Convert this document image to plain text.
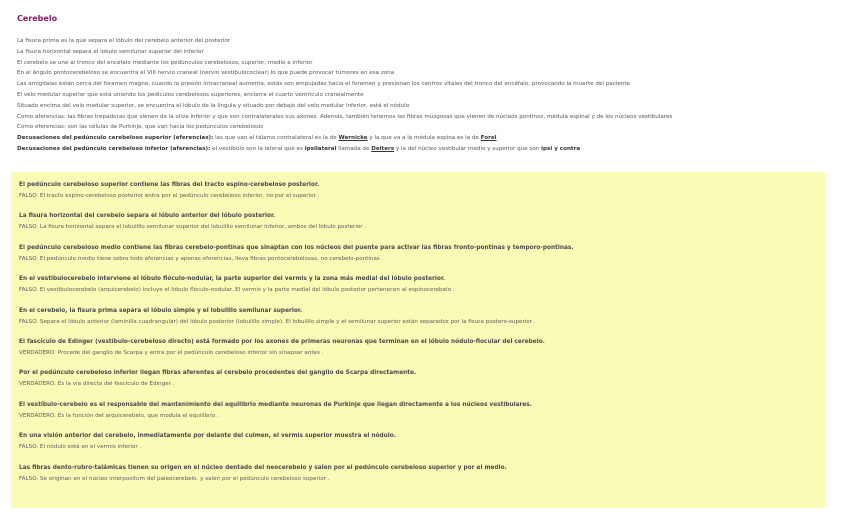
Cerebelo
La fisura prima es la que separa el lóbulo del cerebelo anterior del posterior
La fisura horizontal separa el lobulo semilunar superior del inferior
El cerebelo se une al tronco del encéfalo mediante los pedúnculos cerebelosos, superior, medio e inferior
En el ángulo pontocerebeloso se encuentra el VIII nervio craneal (nervio vestibulococlear) lo que puede provocar tumores en esa zona
Las amígdalas están cerca del foramen magno, cuando la presión intracraneal aumenta, estás son empujadas hacia el foramen y presionan los centros vitales del tronco del encéfalo, provocando la muerte del paciente
El velo medular superior que está uniendo los pedículos cerebelosos superiores, encierra el cuarto ventrículo cranealmente
Situado encima del velo medular superior, se encuentra el lóbulo de la língula y situado por debajo del velo medular inferior, está el nódulo
Como aferencias: las fibras trepadoras que vienen de la oliva inferior y que son contralaterales sus axones. Además, también tenemos las fibras musgosas que vienen de núcleos pontinos, médula espinal y de los núcleos vestibulares
Como eferencias: son las células de Purkinje, que van hacia los pedúnculos cerebelosos
Decusaciones del pedúnculo cerebeloso superior (eferencias): las que van al tálamo contralateral es la de Wernicke y la que va a la médula espina es la de Forel
Decusaciones del pedúnculo cerebeloso inferior (aferencias): el vestíbulo son la lateral que es ipsilateral llamada de Deiters y la del núcleo vestibular medio y superior que son ipsi y contra
El pedúnculo cerebeloso superior contiene las fibras del tracto espino-cerebeloso posterior.
FALSO. El tracto espino-cerebeloso posterior entra por el pedúnculo cerebeloso inferior, no por el superior .
La fisura horizontal del cerebelo separa el lóbulo anterior del lóbulo posterior.
FALSO. La fisura horizontal separa el lobulillo semilunar superior del lobulillo semilunar inferior, ambos del lóbulo posterior .
El pedúnculo cerebeloso medio contiene las fibras cerebelo-pontinas que sinaptan con los núcleos del puente para activar las fibras fronto-pontinas y temporo-pontinas.
FALSO. El pedúnculo medio tiene sobre todo aferencias y apenas eferencias, lleva fibras pontocerebelosas, no cerebelo-pontinas .
En el vestibulocerebelo interviene el lóbulo flóculo-nodular, la parte superior del vermis y la zona más medial del lóbulo posterior.
FALSO. El vestibulocerebelo (arquicerebelo) incluye el lóbulo flóculo-nodular. El vermis y la parte medial del lóbulo posterior pertenecen al espinocerebelo .
En el cerebelo, la fisura prima separa el lóbulo simple y el lobulillo semilunar superior.
FALSO. Separa el lóbulo anterior (lamínilla cuadrangular) del lóbulo posterior (lobulillo simple). El lobulillo simple y el semilunar superior están separados por la fisura postero-superior .
El fascículo de Edinger (vestíbulo-cerebeloso directo) está formado por los axones de primeras neuronas que terminan en el lóbulo nódulo-flocular del cerebelo.
VERDADERO. Procede del ganglio de Scarpa y entra por el pedúnculo cerebeloso inferior sin sinapsar antes .
Por el pedúnculo cerebeloso inferior llegan fibras aferentes al cerebelo procedentes del ganglio de Scarpa directamente.
VERDADERO. Es la vía directa del fascículo de Edinger .
El vestíbulo-cerebelo es el responsable del mantenimiento del equilibrio mediante neuronas de Purkinje que llegan directamente a los núcleos vestibulares.
VERDADERO. Es la función del arquicerebelo, que modula el equilibrio .
En una visión anterior del cerebelo, inmediatamente por delante del culmen, el vermis superior muestra el nódulo.
FALSO. El nódulo está en el vermis inferior .
Las fibras dento-rubro-talámicas tienen su origen en el núcleo dentado del neocerebelo y salen por el pedúnculo cerebeloso superior y por el medio.
FALSO. Se originan en el núcleo interpositum del paleocerebelo, y salen por el pedúnculo cerebeloso superior .
